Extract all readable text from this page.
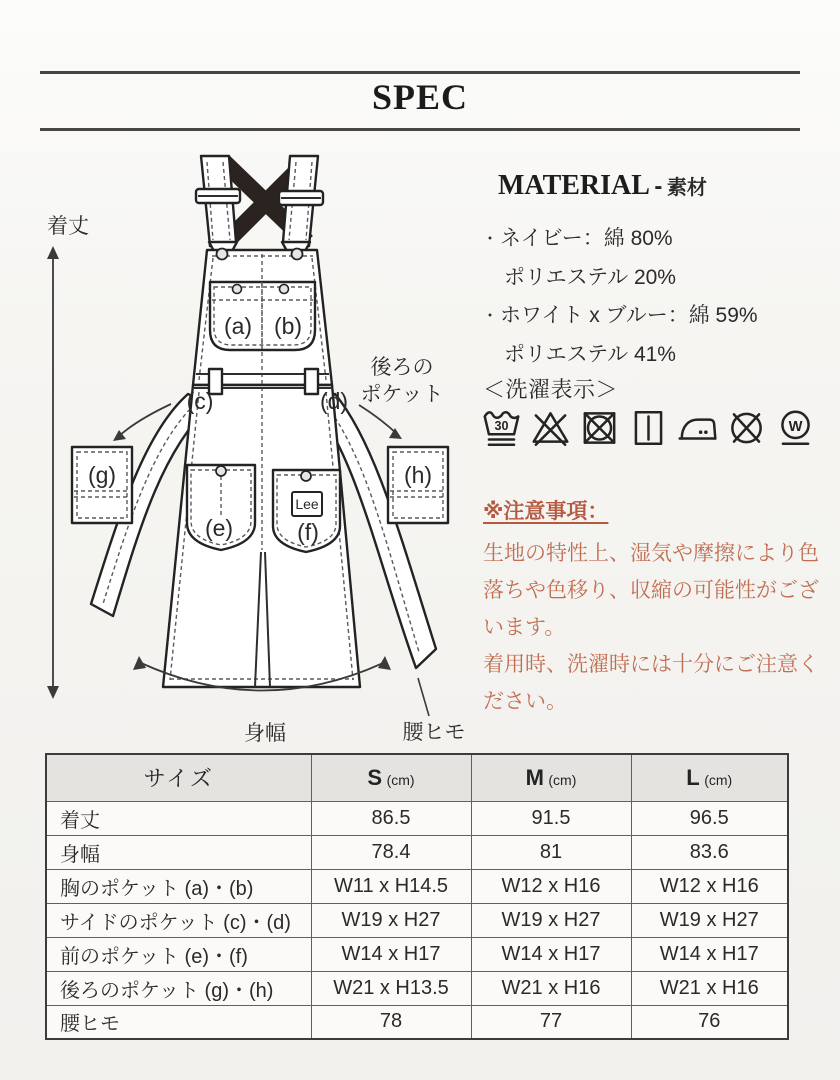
SPEC
着丈
(a) (b)
(c)	(d)
(e)
Lee
(f)
(g)	(h)
後ろの
ポケット
身幅	腰ヒモ
MATERIAL - 素材
・ネイビー：綿 80%
ポリエステル 20%
・ホワイト x ブルー：綿 59%
ポリエステル 41%
＜洗濯表示＞
30	W
※注意事項：

生地の特性上、湿気や摩擦により色落ちや色移り、収縮の可能性がございます。

着用時、洗濯時には十分にご注意ください。

サイズ	S (cm)	M (cm)	L (cm)
着丈	86.5	91.5	96.5
身幅	78.4	81	83.6
胸のポケット (a)・(b)	W11 x H14.5	W12 x H16	W12 x H16
サイドのポケット (c)・(d)	W19 x H27	W19 x H27	W19 x H27
前のポケット (e)・(f)	W14 x H17	W14 x H17	W14 x H17
後ろのポケット (g)・(h)	W21 x H13.5	W21 x H16	W21 x H16
腰ヒモ	78	77	76
